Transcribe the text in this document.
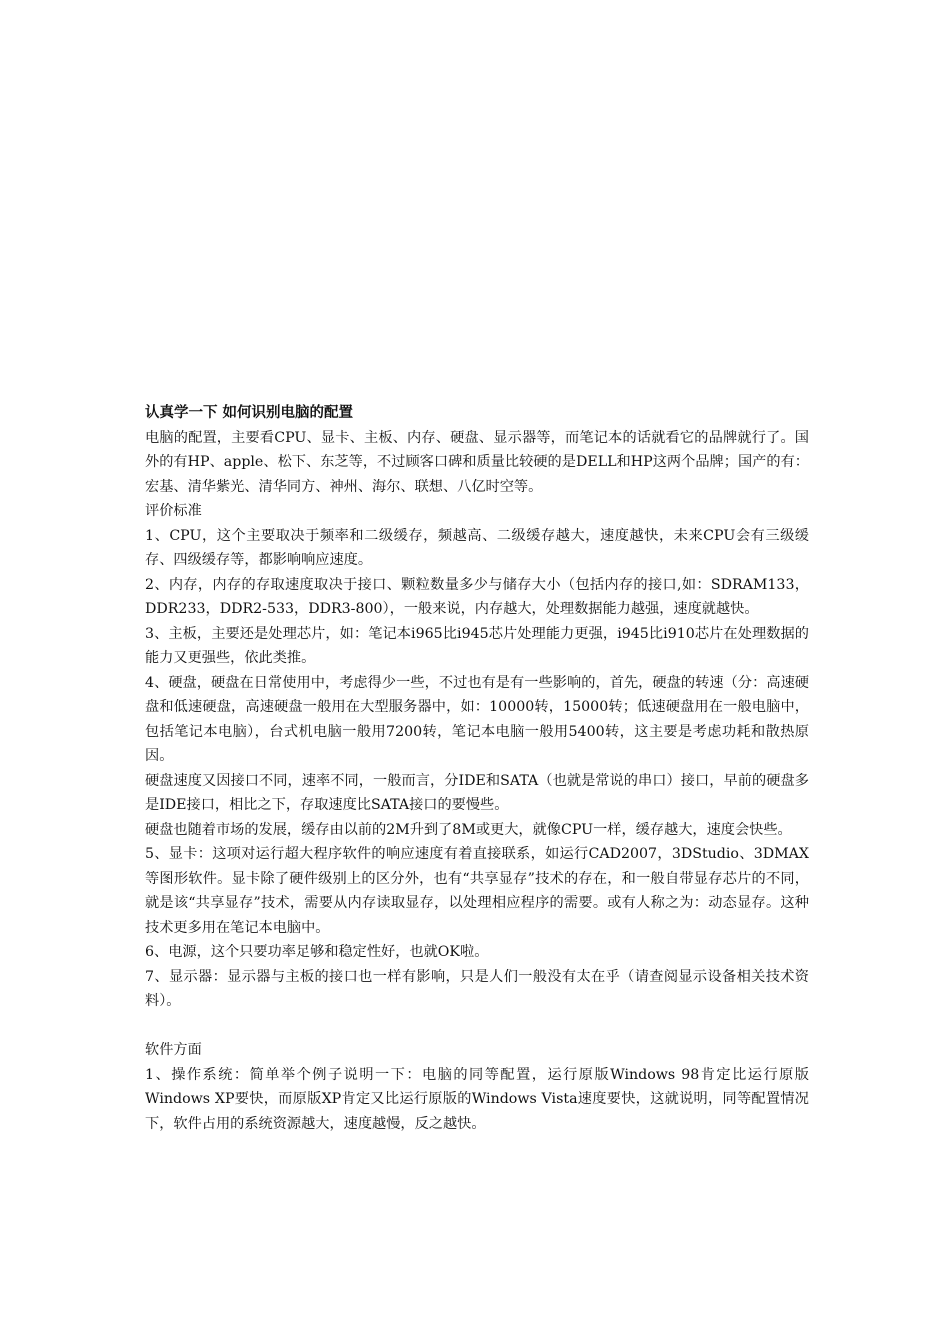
认真学一下 如何识别电脑的配置

电脑的配置，主要看CPU、显卡、主板、内存、硬盘、显示器等，而笔记本的话就看它的品牌就行了。国外的有HP、apple、松下、东芝等，不过顾客口碑和质量比较硬的是DELL和HP这两个品牌；国产的有：宏基、清华紫光、清华同方、神州、海尔、联想、八亿时空等。

评价标准

1、CPU，这个主要取决于频率和二级缓存，频越高、二级缓存越大，速度越快，未来CPU会有三级缓存、四级缓存等，都影响响应速度。

2、内存，内存的存取速度取决于接口、颗粒数量多少与储存大小（包括内存的接口,如：SDRAM133，DDR233，DDR2-533，DDR3-800），一般来说，内存越大，处理数据能力越强，速度就越快。

3、主板，主要还是处理芯片，如：笔记本i965比i945芯片处理能力更强，i945比i910芯片在处理数据的能力又更强些，依此类推。

4、硬盘，硬盘在日常使用中，考虑得少一些，不过也有是有一些影响的，首先，硬盘的转速（分：高速硬盘和低速硬盘，高速硬盘一般用在大型服务器中，如：10000转，15000转；低速硬盘用在一般电脑中，包括笔记本电脑），台式机电脑一般用7200转，笔记本电脑一般用5400转，这主要是考虑功耗和散热原因。

硬盘速度又因接口不同，速率不同，一般而言，分IDE和SATA（也就是常说的串口）接口，早前的硬盘多是IDE接口，相比之下，存取速度比SATA接口的要慢些。

硬盘也随着市场的发展，缓存由以前的2M升到了8M或更大，就像CPU一样，缓存越大，速度会快些。

5、显卡：这项对运行超大程序软件的响应速度有着直接联系，如运行CAD2007，3DStudio、3DMAX等图形软件。显卡除了硬件级别上的区分外，也有“共享显存”技术的存在，和一般自带显存芯片的不同，就是该“共享显存”技术，需要从内存读取显存，以处理相应程序的需要。或有人称之为：动态显存。这种技术更多用在笔记本电脑中。

6、电源，这个只要功率足够和稳定性好，也就OK啦。

7、显示器：显示器与主板的接口也一样有影响，只是人们一般没有太在乎（请查阅显示设备相关技术资料）。

软件方面

1、操作系统：简单举个例子说明一下：电脑的同等配置，运行原版Windows 98肯定比运行原版Windows XP要快，而原版XP肯定又比运行原版的Windows Vista速度要快，这就说明，同等配置情况下，软件占用的系统资源越大，速度越慢，反之越快。
